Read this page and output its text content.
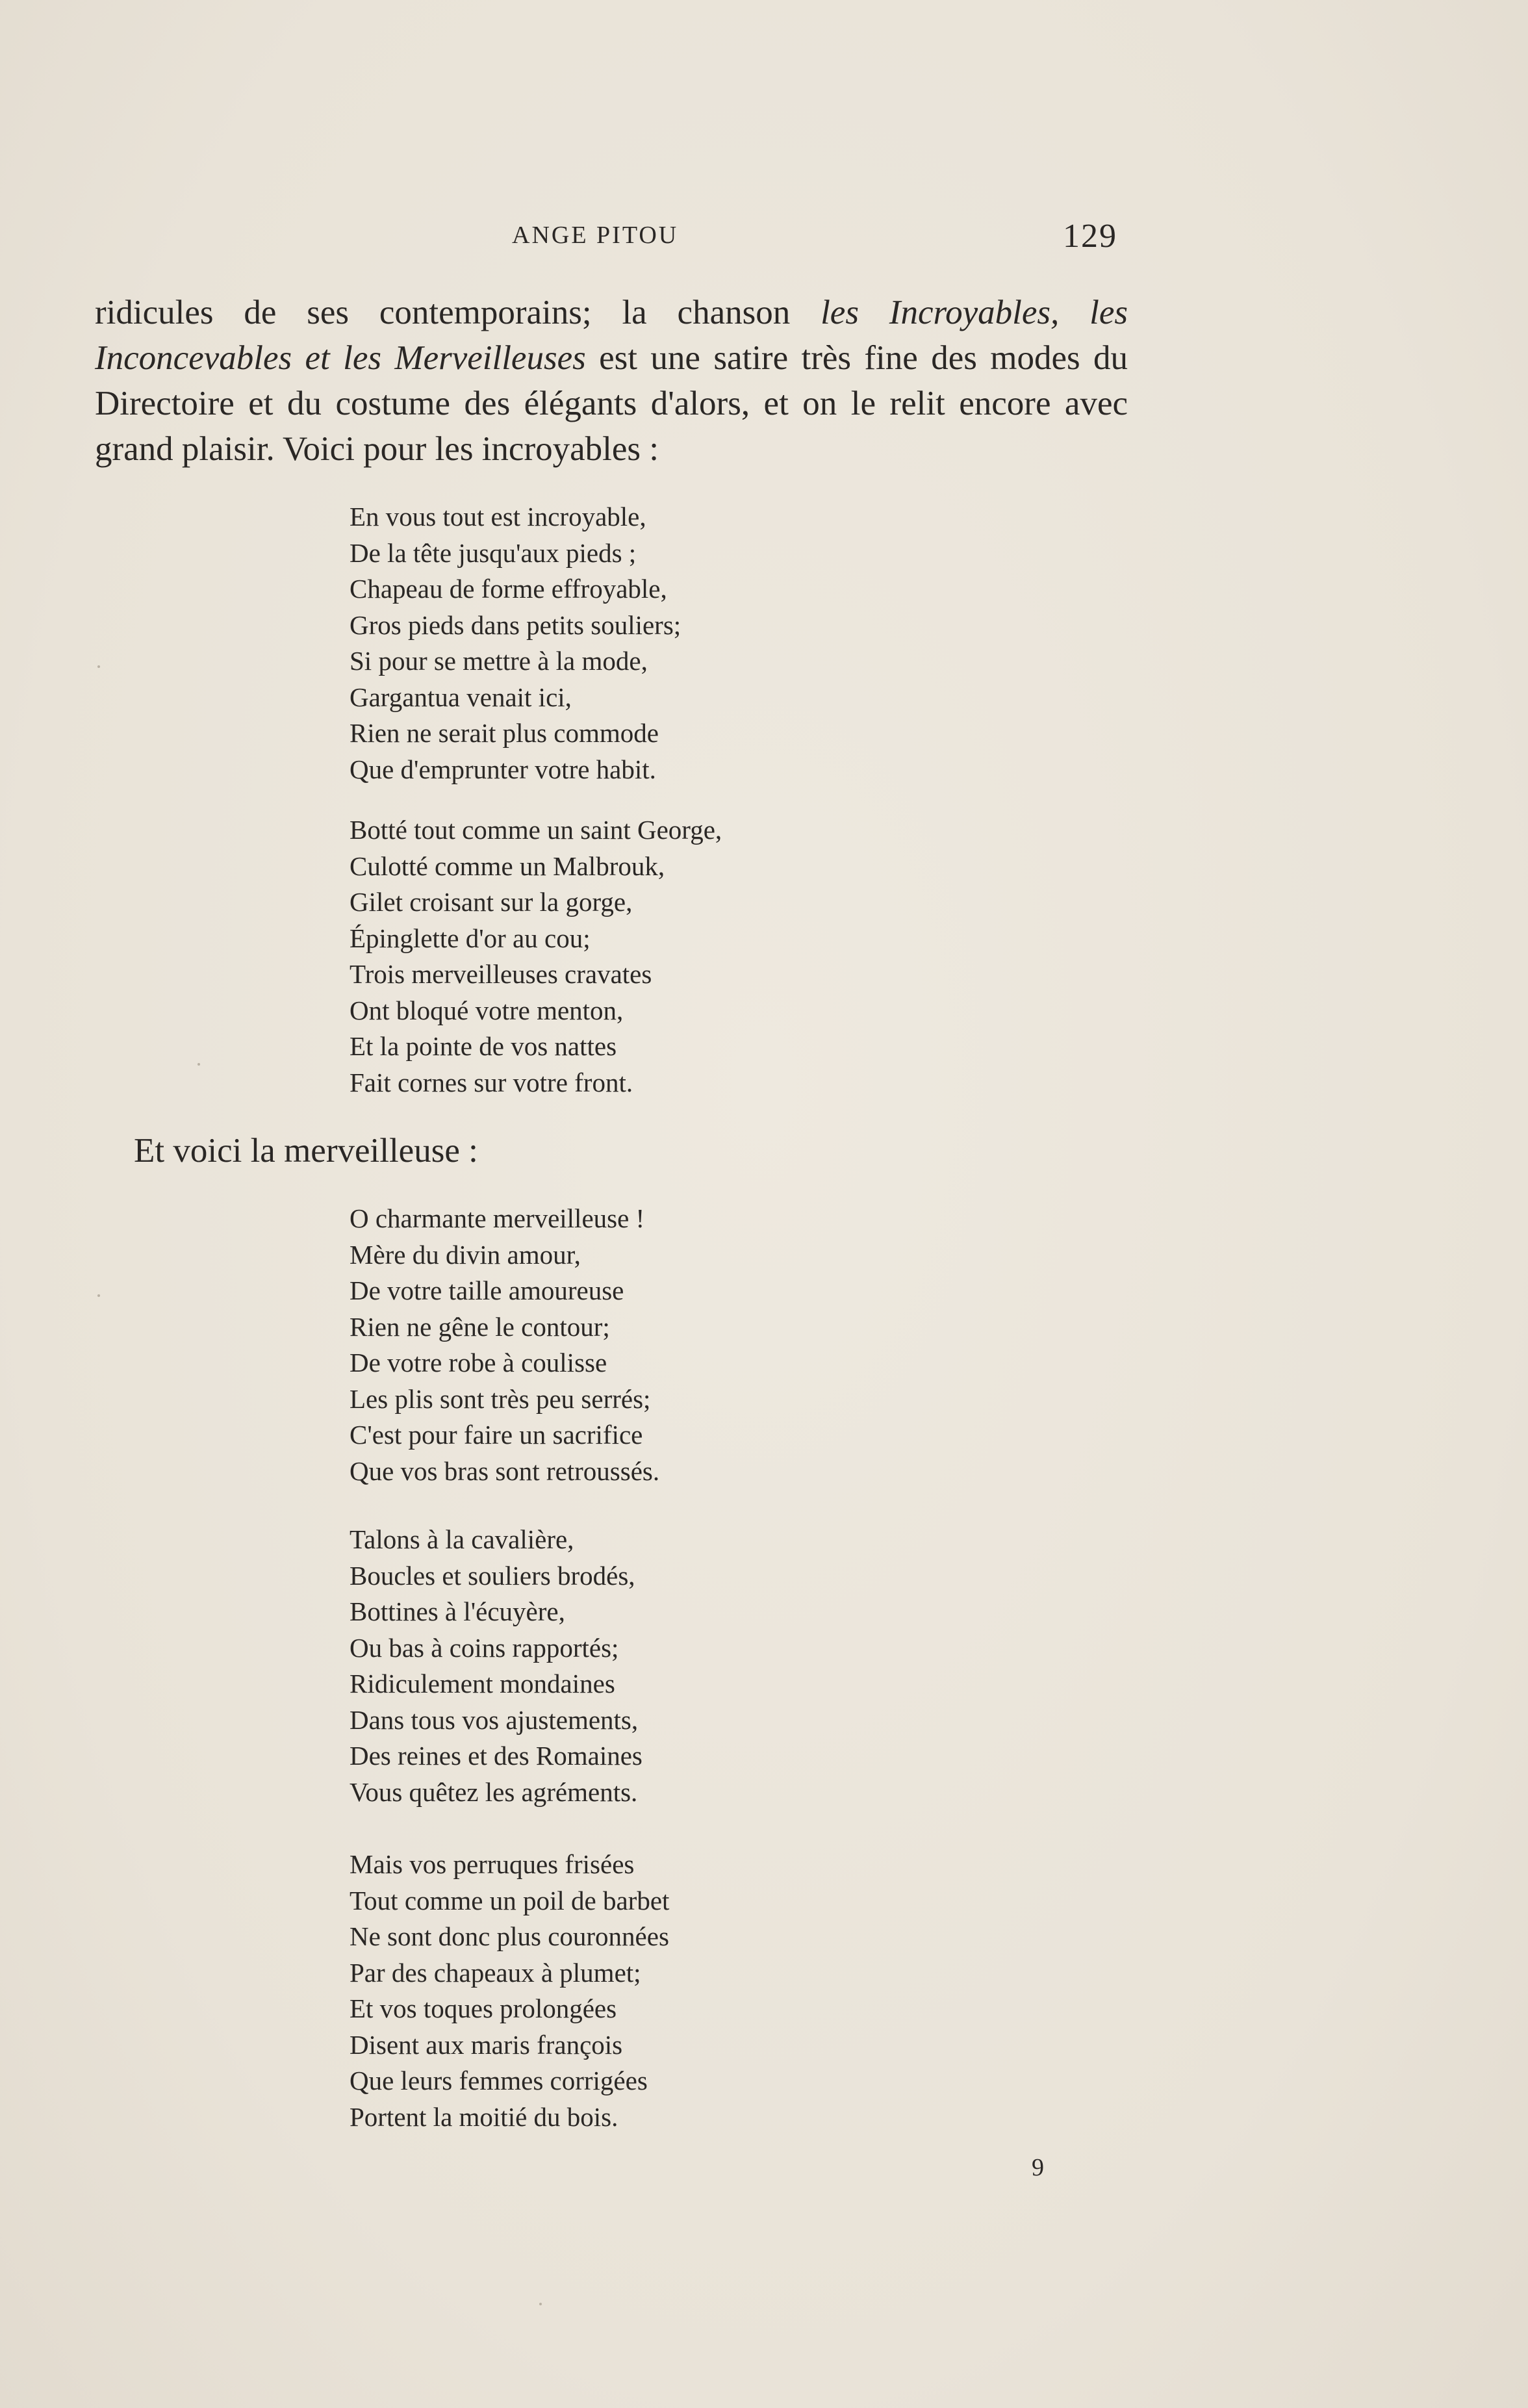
ANGE PITOU	129

ridicules de ses contemporains; la chanson les Incroyables, les Inconcevables et les Merveilleuses est une satire très fine des modes du Directoire et du costume des élégants d'alors, et on le relit encore avec grand plaisir. Voici pour les incroyables :

En vous tout est incroyable,
De la tête jusqu'aux pieds ;
Chapeau de forme effroyable,
Gros pieds dans petits souliers;
Si pour se mettre à la mode,
Gargantua venait ici,
Rien ne serait plus commode
Que d'emprunter votre habit.
Botté tout comme un saint George,
Culotté comme un Malbrouk,
Gilet croisant sur la gorge,
Épinglette d'or au cou;
Trois merveilleuses cravates
Ont bloqué votre menton,
Et la pointe de vos nattes
Fait cornes sur votre front.
Et voici la merveilleuse :
O charmante merveilleuse !
Mère du divin amour,
De votre taille amoureuse
Rien ne gêne le contour;
De votre robe à coulisse
Les plis sont très peu serrés;
C'est pour faire un sacrifice
Que vos bras sont retroussés.
Talons à la cavalière,
Boucles et souliers brodés,
Bottines à l'écuyère,
Ou bas à coins rapportés;
Ridiculement mondaines
Dans tous vos ajustements,
Des reines et des Romaines
Vous quêtez les agréments.
Mais vos perruques frisées
Tout comme un poil de barbet
Ne sont donc plus couronnées
Par des chapeaux à plumet;
Et vos toques prolongées
Disent aux maris françois
Que leurs femmes corrigées
Portent la moitié du bois.
9
